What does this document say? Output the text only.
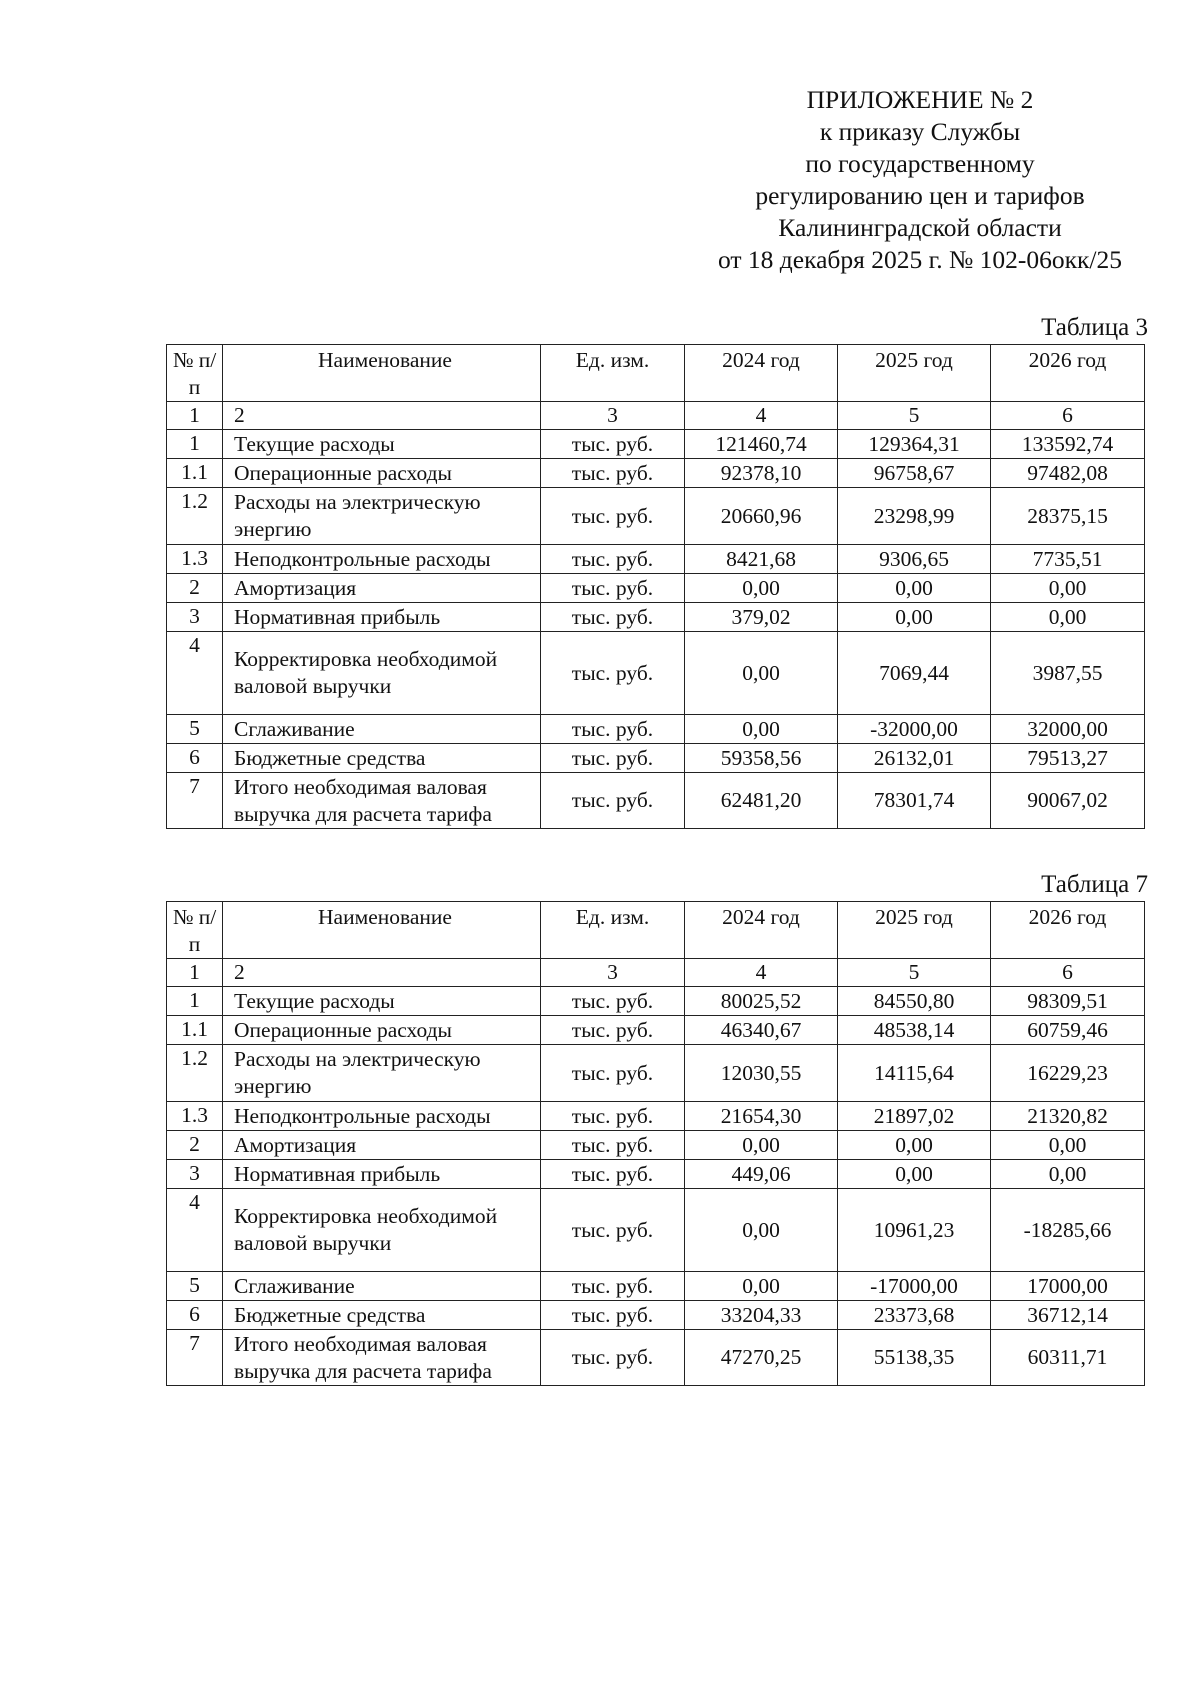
ПРИЛОЖЕНИЕ № 2
к приказу Службы
по государственному
регулированию цен и тарифов
Калининградской области
от 18 декабря 2025 г. № 102-06окк/25
Таблица 3
№ п/п	Наименование	Ед. изм.	2024 год	2025 год	2026 год
1	2	3	4	5	6
1	Текущие расходы	тыс. руб.	121460,74	129364,31	133592,74
1.1	Операционные расходы	тыс. руб.	92378,10	96758,67	97482,08
1.2	Расходы на электрическую энергию	тыс. руб.	20660,96	23298,99	28375,15
1.3	Неподконтрольные расходы	тыс. руб.	8421,68	9306,65	7735,51
2	Амортизация	тыс. руб.	0,00	0,00	0,00
3	Нормативная прибыль	тыс. руб.	379,02	0,00	0,00
4	Корректировка необходимой валовой выручки	тыс. руб.	0,00	7069,44	3987,55
5	Сглаживание	тыс. руб.	0,00	-32000,00	32000,00
6	Бюджетные средства	тыс. руб.	59358,56	26132,01	79513,27
7	Итого необходимая валовая выручка для расчета тарифа	тыс. руб.	62481,20	78301,74	90067,02
Таблица 7
№ п/п	Наименование	Ед. изм.	2024 год	2025 год	2026 год
1	2	3	4	5	6
1	Текущие расходы	тыс. руб.	80025,52	84550,80	98309,51
1.1	Операционные расходы	тыс. руб.	46340,67	48538,14	60759,46
1.2	Расходы на электрическую энергию	тыс. руб.	12030,55	14115,64	16229,23
1.3	Неподконтрольные расходы	тыс. руб.	21654,30	21897,02	21320,82
2	Амортизация	тыс. руб.	0,00	0,00	0,00
3	Нормативная прибыль	тыс. руб.	449,06	0,00	0,00
4	Корректировка необходимой валовой выручки	тыс. руб.	0,00	10961,23	-18285,66
5	Сглаживание	тыс. руб.	0,00	-17000,00	17000,00
6	Бюджетные средства	тыс. руб.	33204,33	23373,68	36712,14
7	Итого необходимая валовая выручка для расчета тарифа	тыс. руб.	47270,25	55138,35	60311,71
